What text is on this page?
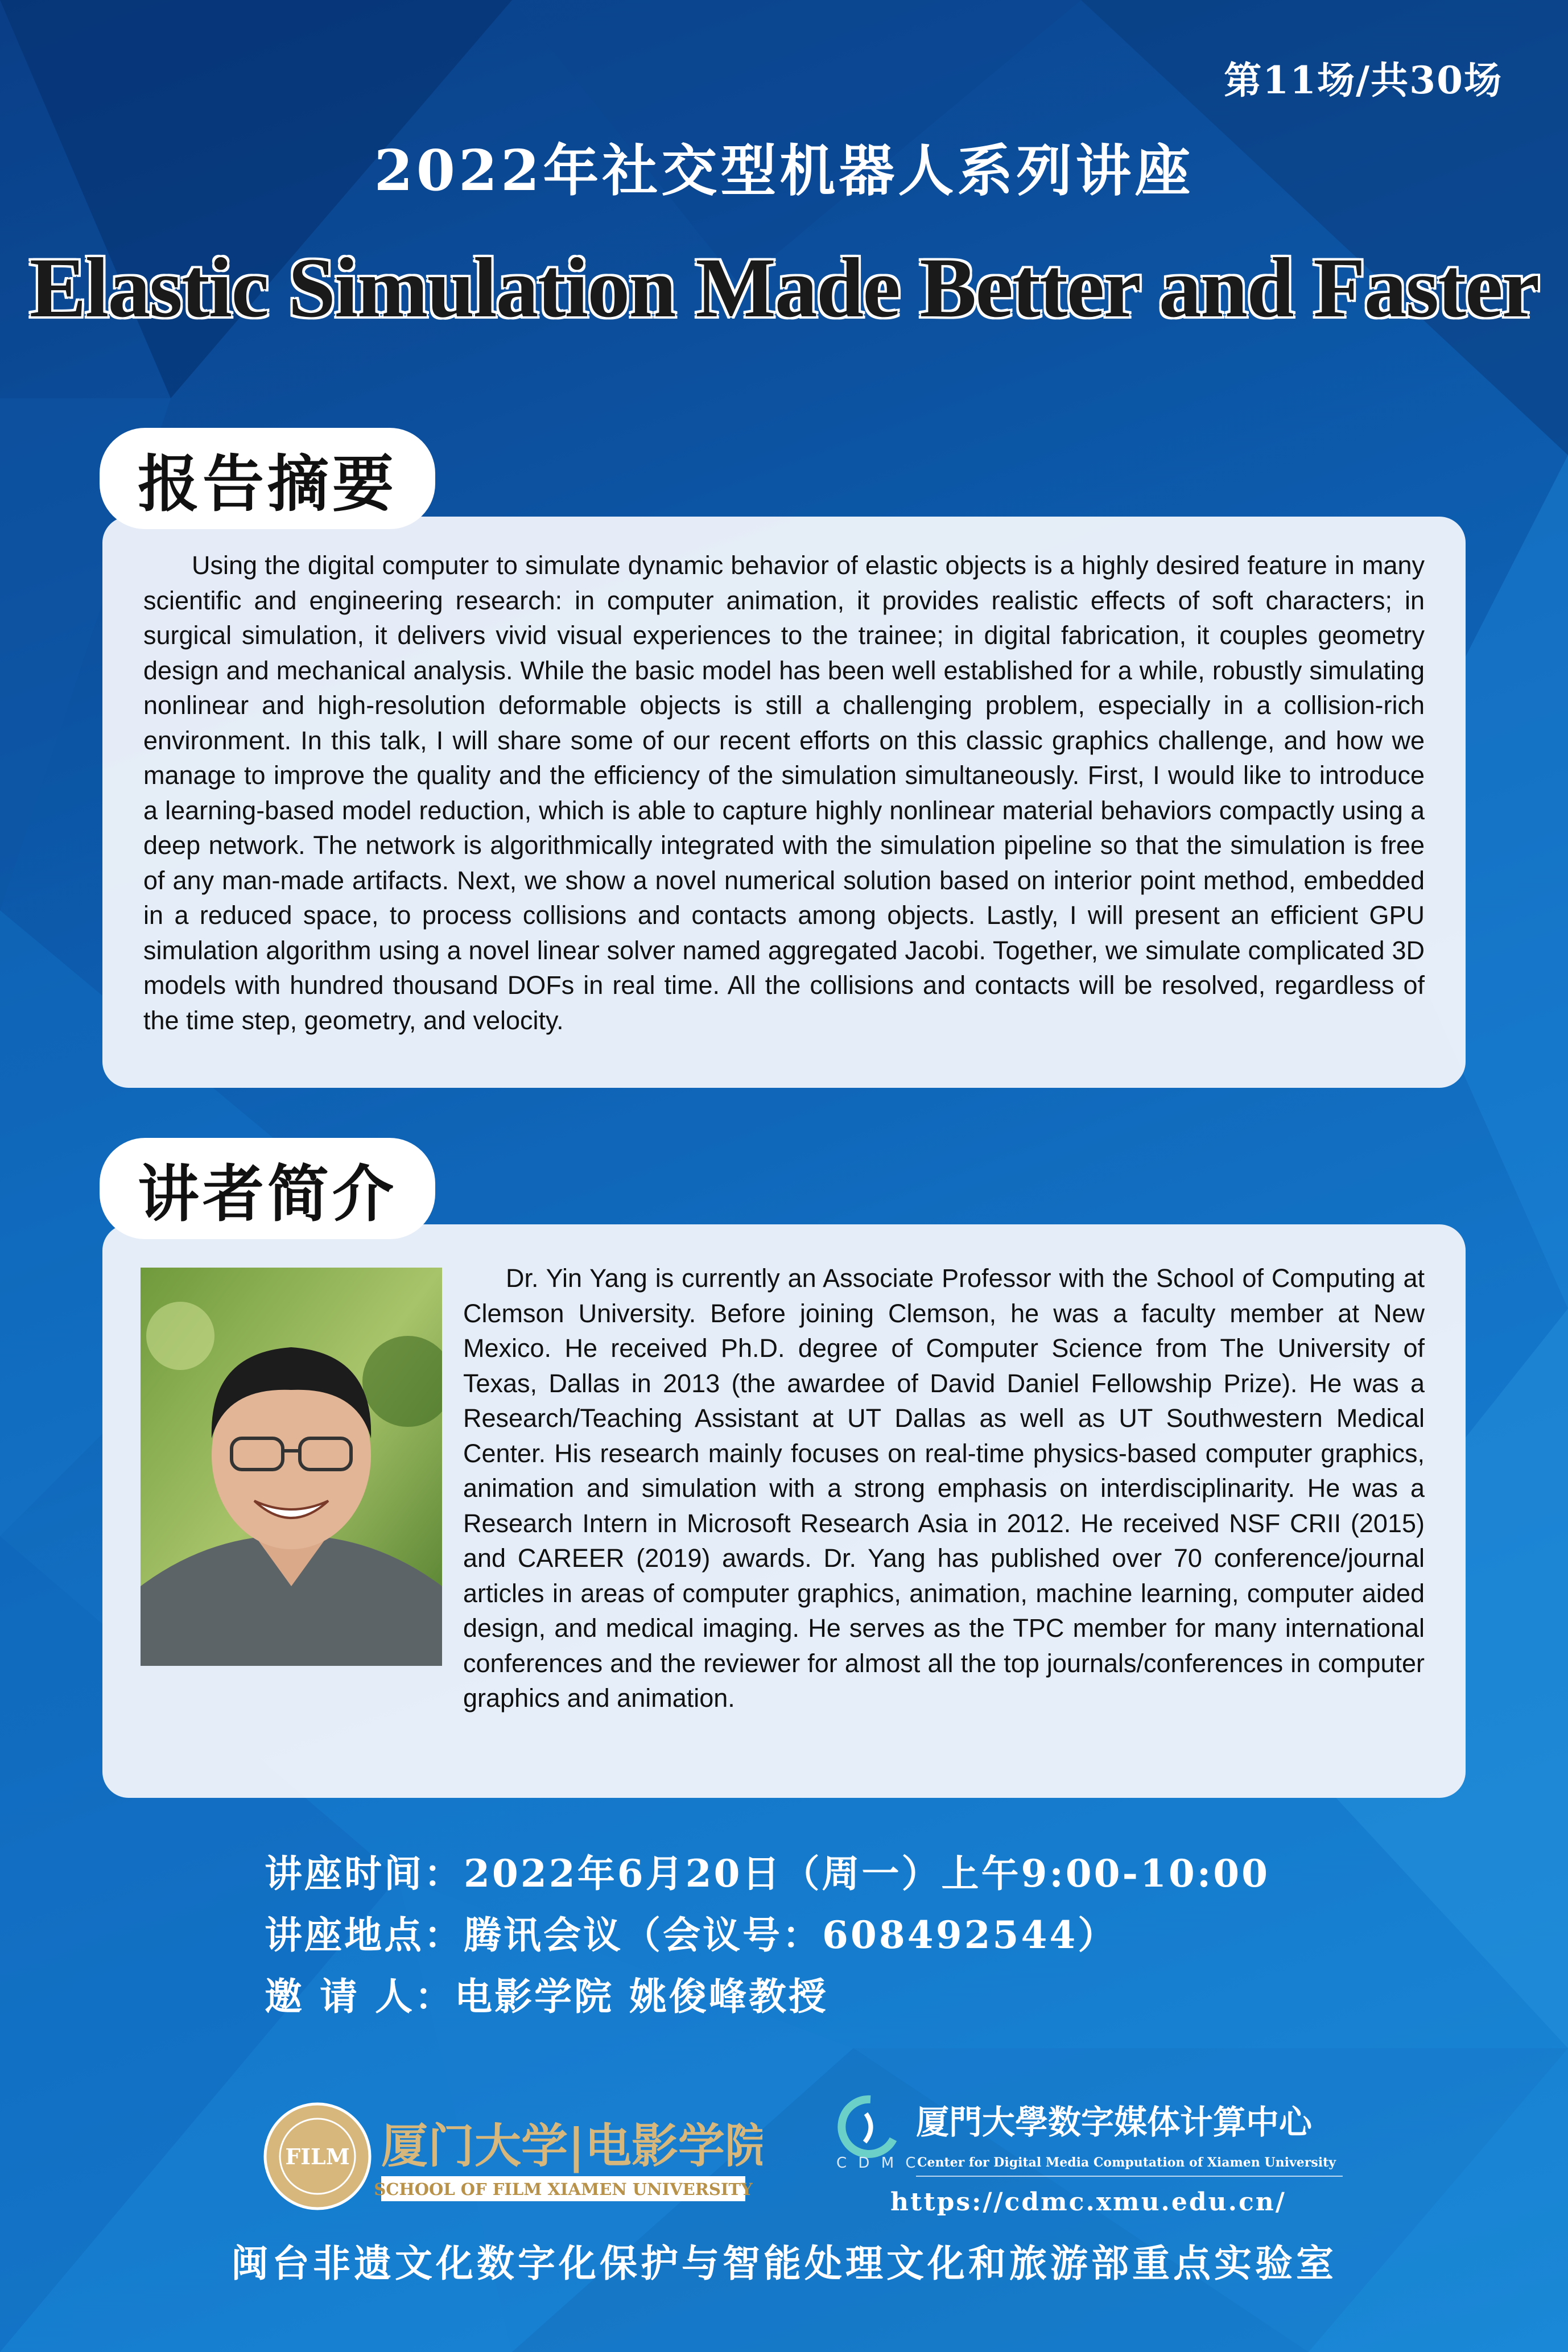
第11场/共30场
2022年社交型机器人系列讲座
Elastic Simulation Made Better and Faster
Using the digital computer to simulate dynamic behavior of elastic objects is a highly desired feature in many scientific and engineering research: in computer animation, it provides realistic effects of soft characters; in surgical simulation, it delivers vivid visual experiences to the trainee; in digital fabrication, it couples geometry design and mechanical analysis. While the basic model has been well established for a while, robustly simulating nonlinear and high-resolution deformable objects is still a challenging problem, especially in a collision-rich environment. In this talk, I will share some of our recent efforts on this classic graphics challenge, and how we manage to improve the quality and the efficiency of the simulation simultaneously. First, I would like to introduce a learning-based model reduction, which is able to capture highly nonlinear material behaviors compactly using a deep network. The network is algorithmically integrated with the simulation pipeline so that the simulation is free of any man-made artifacts. Next, we show a novel numerical solution based on interior point method, embedded in a reduced space, to process collisions and contacts among objects. Lastly, I will present an efficient GPU simulation algorithm using a novel linear solver named aggregated Jacobi. Together, we simulate complicated 3D models with hundred thousand DOFs in real time. All the collisions and contacts will be resolved, regardless of the time step, geometry, and velocity.
报告摘要
Dr. Yin Yang is currently an Associate Professor with the School of Computing at Clemson University. Before joining Clemson, he was a faculty member at New Mexico. He received Ph.D. degree of Computer Science from The University of Texas, Dallas in 2013 (the awardee of David Daniel Fellowship Prize). He was a Research/Teaching Assistant at UT Dallas as well as UT Southwestern Medical Center. His research mainly focuses on real-time physics-based computer graphics, animation and simulation with a strong emphasis on interdisciplinarity. He was a Research Intern in Microsoft Research Asia in 2012. He received NSF CRII (2015) and CAREER (2019) awards. Dr. Yang has published over 70 conference/journal articles in areas of computer graphics, animation, machine learning, computer aided design, and medical imaging. He serves as the TPC member for many international conferences and the reviewer for almost all the top journals/conferences in computer graphics and animation.
讲者简介
讲座时间：2022年6月20日（周一）上午9:00-10:00
讲座地点：腾讯会议（会议号：608492544）
邀 请 人：电影学院 姚俊峰教授
FILM 厦门大学|电影学院
SCHOOL OF FILM XIAMEN UNIVERSITY
C D M C
厦門大學数字媒体计算中心
Center for Digital Media Computation of Xiamen University
https://cdmc.xmu.edu.cn/
闽台非遗文化数字化保护与智能处理文化和旅游部重点实验室
